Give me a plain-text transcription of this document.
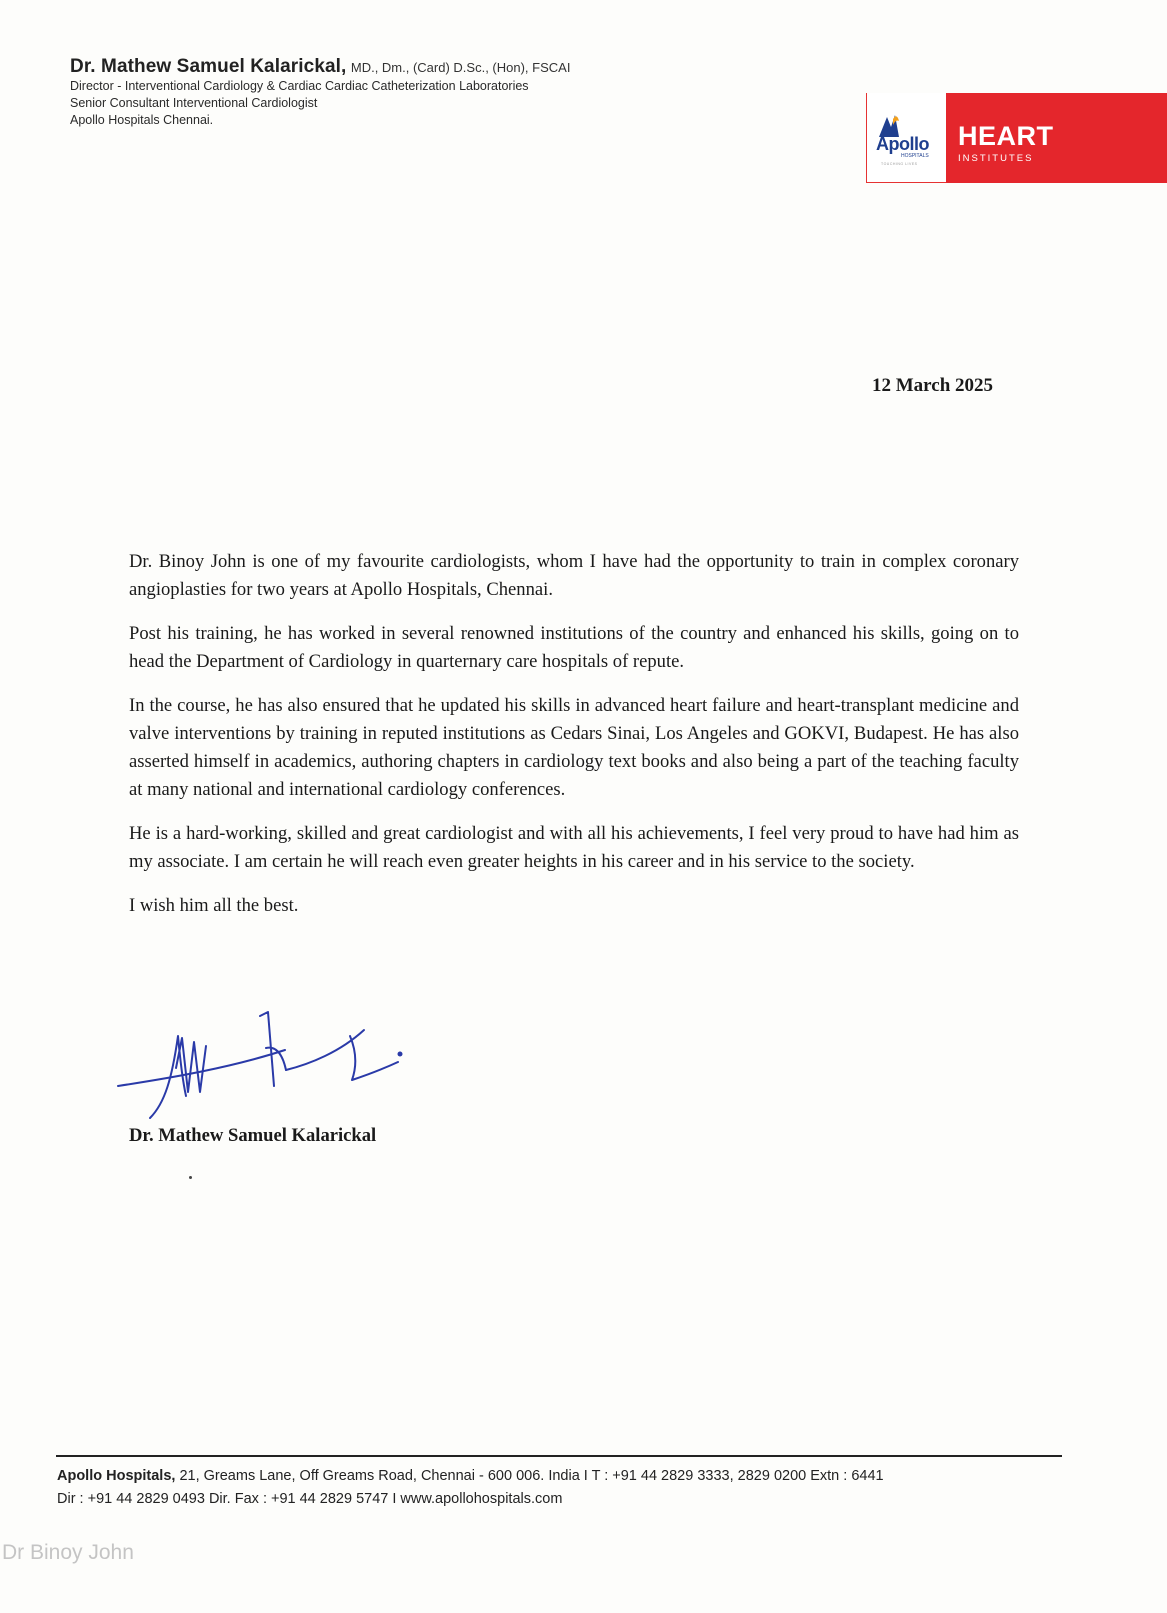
Dr. Mathew Samuel Kalarickal, MD., Dm., (Card) D.Sc., (Hon), FSCAI
Director - Interventional Cardiology & Cardiac Cardiac Catheterization Laboratories
Senior Consultant Interventional Cardiologist
Apollo Hospitals Chennai.
Apollo
HOSPITALS
TOUCHING LIVES
HEART
INSTITUTES
12 March 2025

Dr. Binoy John is one of my favourite cardiologists, whom I have had the opportunity to train in complex coronary angioplasties for two years at Apollo Hospitals, Chennai.

Post his training, he has worked in several renowned institutions of the country and enhanced his skills, going on to head the Department of Cardiology in quarternary care hospitals of repute.

In the course, he has also ensured that he updated his skills in advanced heart failure and heart-transplant medicine and valve interventions by training in reputed institutions as Cedars Sinai, Los Angeles and GOKVI, Budapest. He has also asserted himself in academics, authoring chapters in cardiology text books and also being a part of the teaching faculty at many national and international cardiology conferences.

He is a hard-working, skilled and great cardiologist and with all his achievements, I feel very proud to have had him as my associate. I am certain he will reach even greater heights in his career and in his service to the society.

I wish him all the best.

Dr. Mathew Samuel Kalarickal
Apollo Hospitals, 21, Greams Lane, Off Greams Road, Chennai - 600 006. India I T : +91 44 2829 3333, 2829 0200 Extn : 6441
Dir : +91 44 2829 0493 Dir. Fax : +91 44 2829 5747 I www.apollohospitals.com
Dr Binoy John
